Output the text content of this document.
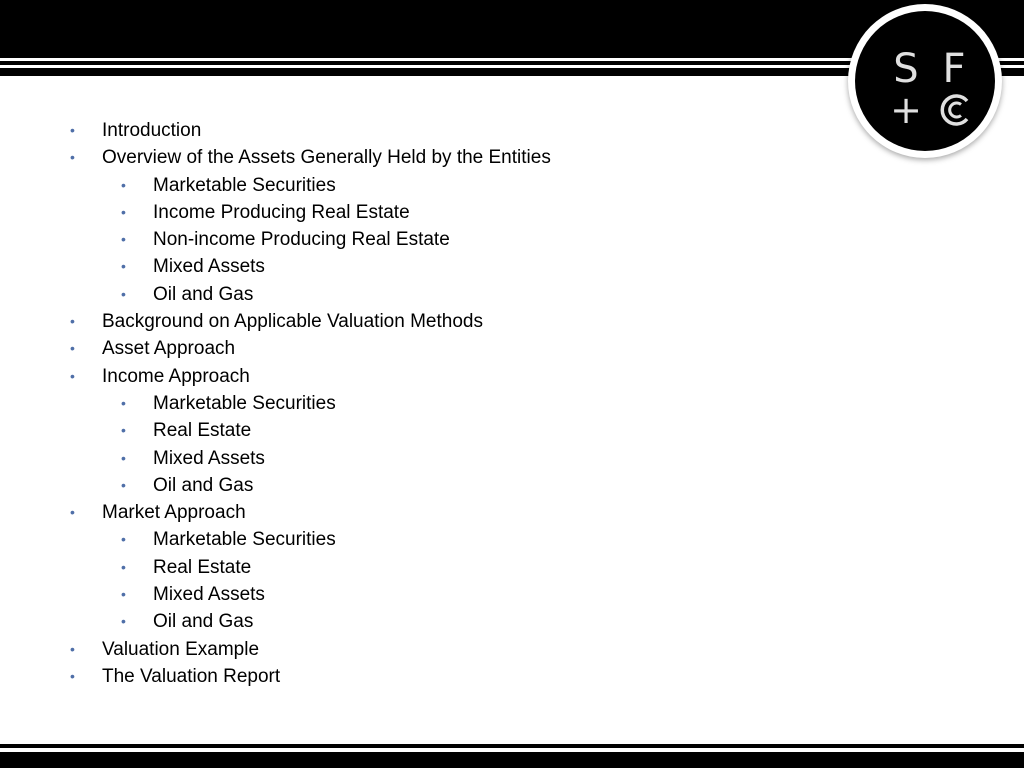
S F
+
• Introduction
• Overview of the Assets Generally Held by the Entities
• Marketable Securities
• Income Producing Real Estate
• Non-income Producing Real Estate
• Mixed Assets
• Oil and Gas
• Background on Applicable Valuation Methods
• Asset Approach
• Income Approach
• Marketable Securities
• Real Estate
• Mixed Assets
• Oil and Gas
• Market Approach
• Marketable Securities
• Real Estate
• Mixed Assets
• Oil and Gas
• Valuation Example
• The Valuation Report
